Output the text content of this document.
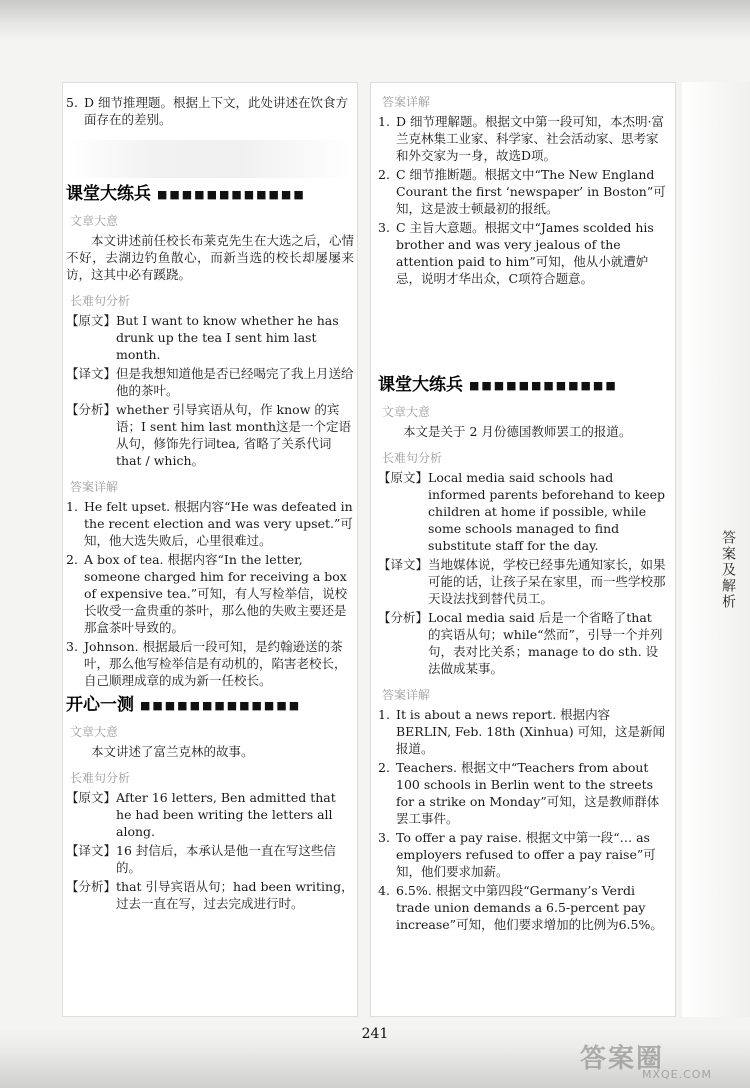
5. D 细节推理题。根据上下文，此处讲述在饮食方面存在的差别。
课堂大练兵 ■■■■■■■■■■■■
文章大意

本文讲述前任校长布莱克先生在大选之后，心情不好，去湖边钓鱼散心，而新当选的校长却屡屡来访，这其中必有蹊跷。

长难句分析
【原文】 But I want to know whether he has drunk up the tea I sent him last month.
【译文】 但是我想知道他是否已经喝完了我上月送给他的茶叶。
【分析】 whether 引导宾语从句，作 know 的宾语；I sent him last month这是一个定语从句，修饰先行词tea, 省略了关系代词that / which。
答案详解
1. He felt upset. 根据内容“He was defeated in the recent election and was very upset.”可知，他大选失败后，心里很难过。
2. A box of tea. 根据内容“In the letter, someone charged him for receiving a box of expensive tea.”可知，有人写检举信，说校长收受一盒贵重的茶叶，那么他的失败主要还是那盒茶叶导致的。
3. Johnson. 根据最后一段可知，是约翰逊送的茶叶，那么他写检举信是有动机的，陷害老校长，自己顺理成章的成为新一任校长。
开心一测 ■■■■■■■■■■■■■
文章大意

本文讲述了富兰克林的故事。

长难句分析
【原文】 After 16 letters, Ben admitted that he had been writing the letters all along.
【译文】 16 封信后，本承认是他一直在写这些信的。
【分析】 that 引导宾语从句；had been writing，过去一直在写，过去完成进行时。
答案详解
1. D 细节理解题。根据文中第一段可知，本杰明·富兰克林集工业家、科学家、社会活动家、思考家和外交家为一身，故选D项。
2. C 细节推断题。根据文中“The New England Courant the first ‘newspaper’ in Boston”可知，这是波士顿最初的报纸。
3. C 主旨大意题。根据文中“James scolded his brother and was very jealous of the attention paid to him”可知，他从小就遭妒忌，说明才华出众，C项符合题意。
课堂大练兵 ■■■■■■■■■■■■
文章大意

本文是关于 2 月份德国教师罢工的报道。

长难句分析
【原文】 Local media said schools had informed parents beforehand to keep children at home if possible, while some schools managed to find substitute staff for the day.
【译文】 当地媒体说，学校已经事先通知家长，如果可能的话，让孩子呆在家里，而一些学校那天设法找到替代员工。
【分析】 Local media said 后是一个省略了that 的宾语从句；while“然而”，引导一个并列句，表对比关系；manage to do sth. 设法做成某事。
答案详解
1. It is about a news report. 根据内容 BERLIN, Feb. 18th (Xinhua) 可知，这是新闻报道。
2. Teachers. 根据文中“Teachers from about 100 schools in Berlin went to the streets for a strike on Monday”可知，这是教师群体罢工事件。
3. To offer a pay raise. 根据文中第一段“… as employers refused to offer a pay raise”可知，他们要求加薪。
4. 6.5%. 根据文中第四段“Germany’s Verdi trade union demands a 6.5-percent pay increase”可知，他们要求增加的比例为6.5%。
答案及解析
241
答案圈
MXQE.COM
